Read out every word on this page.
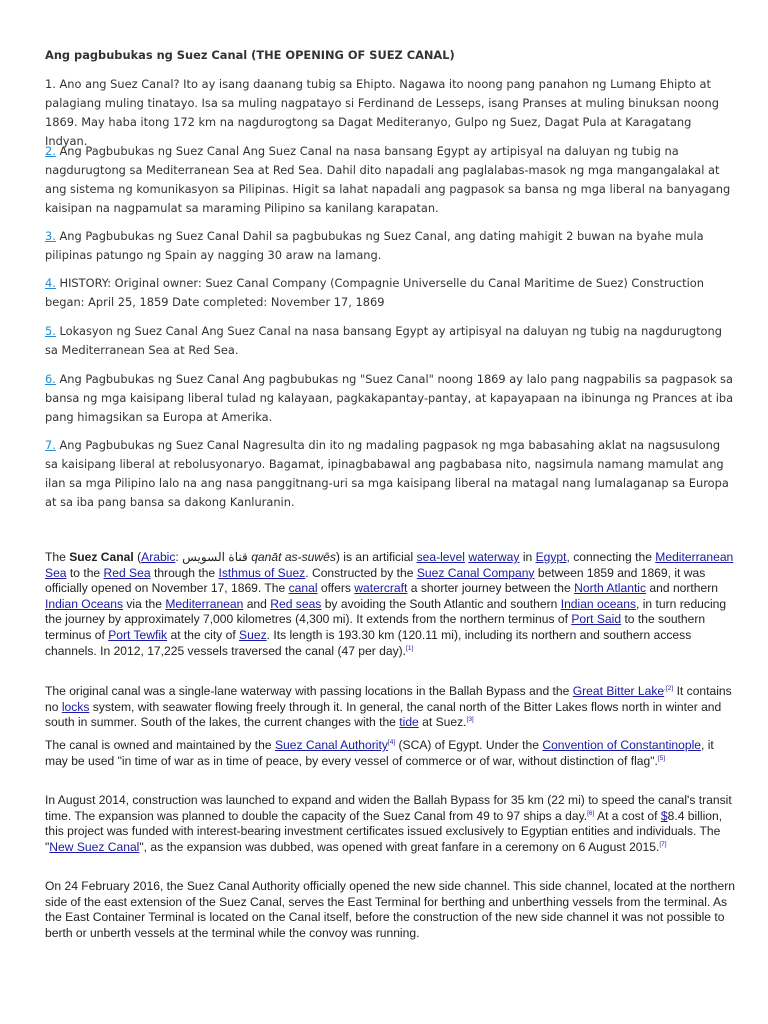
Ang pagbubukas ng Suez Canal (THE OPENING OF SUEZ CANAL)

1. Ano ang Suez Canal? Ito ay isang daanang tubig sa Ehipto. Nagawa ito noong pang panahon ng Lumang Ehipto at palagiang muling tinatayo. Isa sa muling nagpatayo si Ferdinand de Lesseps, isang Pranses at muling binuksan noong 1869. May haba itong 172 km na nagdurogtong sa Dagat Mediteranyo, Gulpo ng Suez, Dagat Pula at Karagatang Indyan.

2. Ang Pagbubukas ng Suez Canal Ang Suez Canal na nasa bansang Egypt ay artipisyal na daluyan ng tubig na nagdurugtong sa Mediterranean Sea at Red Sea. Dahil dito napadali ang paglalabas-masok ng mga mangangalakal at ang sistema ng komunikasyon sa Pilipinas. Higit sa lahat napadali ang pagpasok sa bansa ng mga liberal na banyagang kaisipan na nagpamulat sa maraming Pilipino sa kanilang karapatan.

3. Ang Pagbubukas ng Suez Canal Dahil sa pagbubukas ng Suez Canal, ang dating mahigit 2 buwan na byahe mula pilipinas patungo ng Spain ay nagging 30 araw na lamang.

4. HISTORY: Original owner: Suez Canal Company (Compagnie Universelle du Canal Maritime de Suez) Construction began: April 25, 1859 Date completed: November 17, 1869

5. Lokasyon ng Suez Canal Ang Suez Canal na nasa bansang Egypt ay artipisyal na daluyan ng tubig na nagdurugtong sa Mediterranean Sea at Red Sea.

6. Ang Pagbubukas ng Suez Canal Ang pagbubukas ng "Suez Canal" noong 1869 ay lalo pang nagpabilis sa pagpasok sa bansa ng mga kaisipang liberal tulad ng kalayaan, pagkakapantay-pantay, at kapayapaan na ibinunga ng Prances at iba pang himagsikan sa Europa at Amerika.

7. Ang Pagbubukas ng Suez Canal Nagresulta din ito ng madaling pagpasok ng mga babasahing aklat na nagsusulong sa kaisipang liberal at rebolusyonaryo. Bagamat, ipinagbabawal ang pagbabasa nito, nagsimula namang mamulat ang ilan sa mga Pilipino lalo na ang nasa panggitnang-uri sa mga kaisipang liberal na matagal nang lumalaganap sa Europa at sa iba pang bansa sa dakong Kanluranin.

The Suez Canal (Arabic: قناة السويس qanāt as-suwēs) is an artificial sea-level waterway in Egypt, connecting the Mediterranean Sea to the Red Sea through the Isthmus of Suez. Constructed by the Suez Canal Company between 1859 and 1869, it was officially opened on November 17, 1869. The canal offers watercraft a shorter journey between the North Atlantic and northern Indian Oceans via the Mediterranean and Red seas by avoiding the South Atlantic and southern Indian oceans, in turn reducing the journey by approximately 7,000 kilometres (4,300 mi). It extends from the northern terminus of Port Said to the southern terminus of Port Tewfik at the city of Suez. Its length is 193.30 km (120.11 mi), including its northern and southern access channels. In 2012, 17,225 vessels traversed the canal (47 per day).[1]
The original canal was a single-lane waterway with passing locations in the Ballah Bypass and the Great Bitter Lake$^{.[2]}$ It contains no locks system, with seawater flowing freely through it. In general, the canal north of the Bitter Lakes flows north in winter and south in summer. South of the lakes, the current changes with the tide at Suez.[3]
The canal is owned and maintained by the Suez Canal Authority[4] (SCA) of Egypt. Under the Convention of Constantinople, it may be used "in time of war as in time of peace, by every vessel of commerce or of war, without distinction of flag".[5]
In August 2014, construction was launched to expand and widen the Ballah Bypass for 35 km (22 mi) to speed the canal's transit time. The expansion was planned to double the capacity of the Suez Canal from 49 to 97 ships a day.[6] At a cost of $8.4 billion, this project was funded with interest-bearing investment certificates issued exclusively to Egyptian entities and individuals. The "New Suez Canal", as the expansion was dubbed, was opened with great fanfare in a ceremony on 6 August 2015.[7]
On 24 February 2016, the Suez Canal Authority officially opened the new side channel. This side channel, located at the northern side of the east extension of the Suez Canal, serves the East Terminal for berthing and unberthing vessels from the terminal. As the East Container Terminal is located on the Canal itself, before the construction of the new side channel it was not possible to berth or unberth vessels at the terminal while the convoy was running.
